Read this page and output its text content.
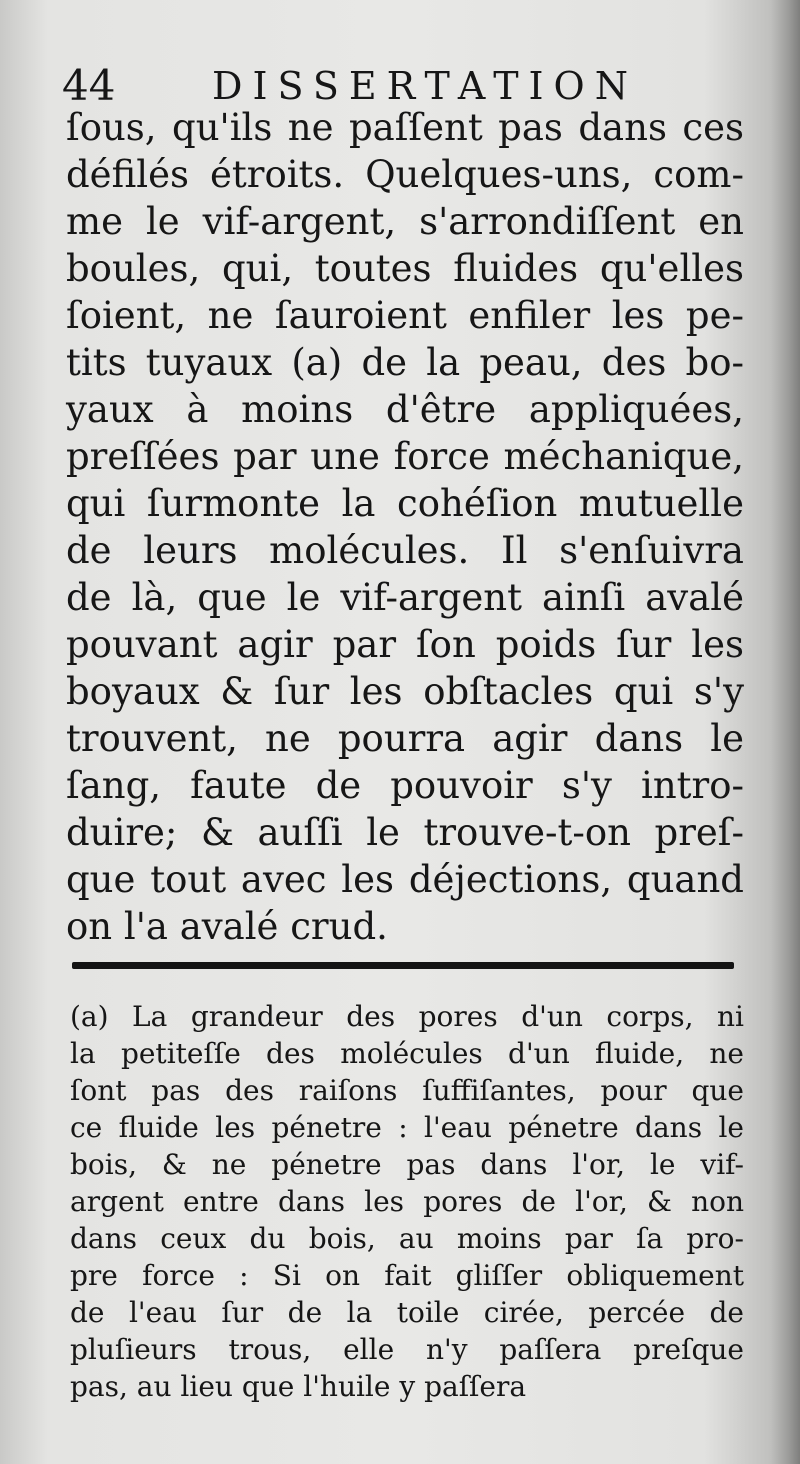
44	DISSERTATION
ſous, qu'ils ne paſſent pas dans ces
défilés étroits. Quelques-uns, com-
me le vif-argent, s'arrondiſſent en
boules, qui, toutes fluides qu'elles
ſoient, ne ſauroient enfiler les pe-
tits tuyaux (a) de la peau, des bo-
yaux à moins d'être appliquées,
preſſées par une force méchanique,
qui ſurmonte la cohéſion mutuelle
de leurs molécules. Il s'enſuivra
de là, que le vif-argent ainſi avalé
pouvant agir par ſon poids ſur les
boyaux & ſur les obſtacles qui s'y
trouvent, ne pourra agir dans le
ſang, faute de pouvoir s'y intro-
duire; & auſſi le trouve-t-on preſ-
que tout avec les déjections, quand
on l'a avalé crud.
(a) La grandeur des pores d'un corps, ni
la petiteſſe des molécules d'un fluide, ne
ſont pas des raiſons ſuffiſantes, pour que
ce fluide les pénetre : l'eau pénetre dans le
bois, & ne pénetre pas dans l'or, le vif-
argent entre dans les pores de l'or, & non
dans ceux du bois, au moins par ſa pro-
pre force : Si on fait gliſſer obliquement
de l'eau ſur de la toile cirée, percée de
pluſieurs trous, elle n'y paſſera preſque
pas, au lieu que l'huile y paſſera
